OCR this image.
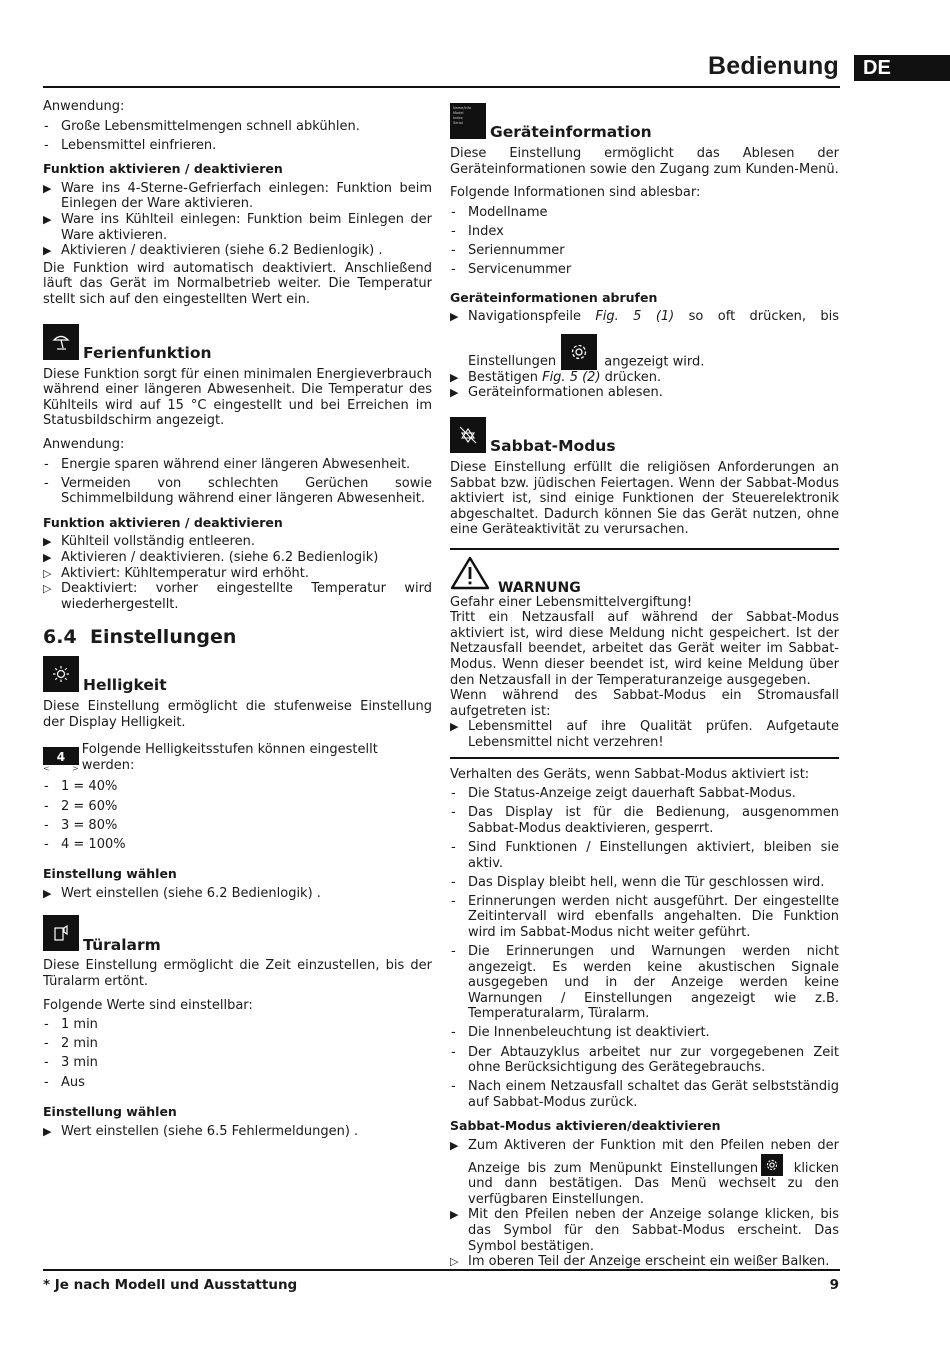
Bedienung	DE

Anwendung:

- Große Lebensmittelmengen schnell abkühlen.
- Lebensmittel einfrieren.
Funktion aktivieren / deaktivieren
▶ Ware ins 4-Sterne-Gefrierfach einlegen: Funktion beim Einlegen der Ware aktivieren.
▶ Ware ins Kühlteil einlegen: Funktion beim Einlegen der Ware aktivieren.
▶ Aktivieren / deaktivieren (siehe 6.2 Bedienlogik) .

Die Funktion wird automatisch deaktiviert. Anschließend läuft das Gerät im Normalbetrieb weiter. Die Temperatur stellt sich auf den eingestellten Wert ein.

Ferienfunktion

Diese Funktion sorgt für einen minimalen Energieverbrauch während einer längeren Abwesenheit. Die Temperatur des Kühlteils wird auf 15 °C eingestellt und bei Erreichen im Statusbildschirm angezeigt.

Anwendung:

- Energie sparen während einer längeren Abwesenheit.
- Vermeiden von schlechten Gerüchen sowie Schimmelbildung während einer längeren Abwesenheit.
Funktion aktivieren / deaktivieren
▶ Kühlteil vollständig entleeren.
▶ Aktivieren / deaktivieren. (siehe 6.2 Bedienlogik)
▷ Aktiviert: Kühltemperatur wird erhöht.
▷ Deaktiviert: vorher eingestellte Temperatur wird wiederhergestellt.
6.4 Einstellungen
Helligkeit

Diese Einstellung ermöglicht die stufenweise Einstellung der Display Helligkeit.

4
<	>
Folgende Helligkeitsstufen können eingestellt werden:
- 1 = 40%
- 2 = 60%
- 3 = 80%
- 4 = 100%
Einstellung wählen
▶ Wert einstellen (siehe 6.2 Bedienlogik) .
Türalarm

Diese Einstellung ermöglicht die Zeit einzustellen, bis der Türalarm ertönt.

Folgende Werte sind einstellbar:

- 1 min
- 2 min
- 3 min
- Aus
Einstellung wählen
▶ Wert einstellen (siehe 6.5 Fehlermeldungen) .
Name/Info
Model
Index
Serial
Geräteinformation

Diese Einstellung ermöglicht das Ablesen der Geräteinformationen sowie den Zugang zum Kunden-Menü.

Folgende Informationen sind ablesbar:

- Modellname
- Index
- Seriennummer
- Servicenummer
Geräteinformationen abrufen
▶ Navigationspfeile Fig. 5 (1) so oft drücken, bis Einstellungen	angezeigt wird.
▶ Bestätigen Fig. 5 (2) drücken.
▶ Geräteinformationen ablesen.
Sabbat-Modus

Diese Einstellung erfüllt die religiösen Anforderungen an Sabbat bzw. jüdischen Feiertagen. Wenn der Sabbat-Modus aktiviert ist, sind einige Funktionen der Steuerelektronik abgeschaltet. Dadurch können Sie das Gerät nutzen, ohne eine Geräteaktivität zu verursachen.

WARNUNG
Gefahr einer Lebensmittelvergiftung!
Tritt ein Netzausfall auf während der Sabbat-Modus aktiviert ist, wird diese Meldung nicht gespeichert. Ist der Netzausfall beendet, arbeitet das Gerät weiter im Sabbat-Modus. Wenn dieser beendet ist, wird keine Meldung über den Netzausfall in der Temperaturanzeige ausgegeben.
Wenn während des Sabbat-Modus ein Stromausfall aufgetreten ist:
▶ Lebensmittel auf ihre Qualität prüfen. Aufgetaute Lebensmittel nicht verzehren!

Verhalten des Geräts, wenn Sabbat-Modus aktiviert ist:

- Die Status-Anzeige zeigt dauerhaft Sabbat-Modus.
- Das Display ist für die Bedienung, ausgenommen Sabbat-Modus deaktivieren, gesperrt.
- Sind Funktionen / Einstellungen aktiviert, bleiben sie aktiv.
- Das Display bleibt hell, wenn die Tür geschlossen wird.
- Erinnerungen werden nicht ausgeführt. Der eingestellte Zeitintervall wird ebenfalls angehalten. Die Funktion wird im Sabbat-Modus nicht weiter geführt.
- Die Erinnerungen und Warnungen werden nicht angezeigt. Es werden keine akustischen Signale ausgegeben und in der Anzeige werden keine Warnungen / Einstellungen angezeigt wie z.B. Temperaturalarm, Türalarm.
- Die Innenbeleuchtung ist deaktiviert.
- Der Abtauzyklus arbeitet nur zur vorgegebenen Zeit ohne Berücksichtigung des Gerätegebrauchs.
- Nach einem Netzausfall schaltet das Gerät selbstständig auf Sabbat-Modus zurück.
Sabbat-Modus aktivieren/deaktivieren
▶ Zum Aktiveren der Funktion mit den Pfeilen neben der Anzeige bis zum Menüpunkt Einstellungen
klicken und dann bestätigen. Das Menü wechselt zu den verfügbaren Einstellungen.
▶ Mit den Pfeilen neben der Anzeige solange klicken, bis das Symbol für den Sabbat-Modus erscheint. Das Symbol bestätigen.
▷ Im oberen Teil der Anzeige erscheint ein weißer Balken.
* Je nach Modell und Ausstattung	9
